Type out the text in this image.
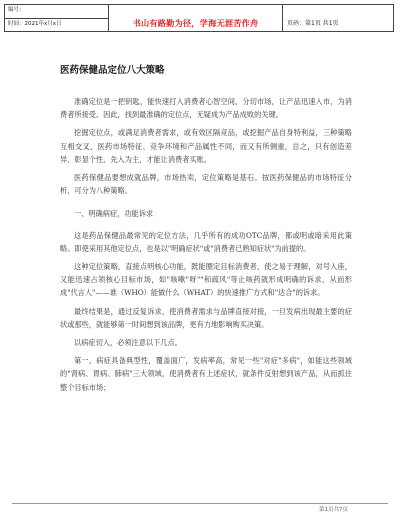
编号：
时间：2021年x月x日	书山有路勤为径，学海无涯苦作舟	页码：第1页 共1页
医药保健品定位八大策略

准确定位是一把钥匙，能快速打入消费者心智空间，分切市场，让产品迅速入市，为消费者所接受。因此，找到最准确的定位点，无疑成为产品成败的关键。

挖掘定位点，或满足消费者需求，或有效区隔竞品，或挖掘产品自身特利益，三种策略互相交叉，医药市场特征、竞争环境和产品属性不同，而又有所侧重，总之，只有创造差异、彰显个性、先入为主，才能让消费者买账。

医药保健品要想成就品牌，市场热卖，定位策略是基石。按医药保健品的市场特征分析，可分为八种策略。

一、明确病症，功能诉求

这是药品保健品最常见的定位方法，几乎所有的成功OTC品牌，都或明或暗采用此策略。即使采用其他定位点，也是以"明确症状"或"消费者已熟知症状"为前提的。

这种定位策略，直接点明核心功能，既能圈定目标消费者，使之易于理解，对号入座，又能迅速占领核心目标市场，如"咳嗽"呀""和疏风"等止咳药就形成明确的诉求，从而形成"代言人"——谁（WHO）能做什么（WHAT）的快速推广方式和"达合"的诉求。

最终结果是，通过反复诉求，使消费者需求与品牌直接对接，一旦发病出现最主要的症状或那些，就能够第一时间想到该品牌，更有力地影响购买决策。

以病症切入，必须注意以下几点。

第一，病症具备典型性，覆盖面广，发病率高，常见一些"对症"多病"，如能这些领域的"肾病、胃病、肺病"三大领域，使消费者有上述症状，就条件反射想到该产品，从而抓住整个目标市场；

第1页共7页
